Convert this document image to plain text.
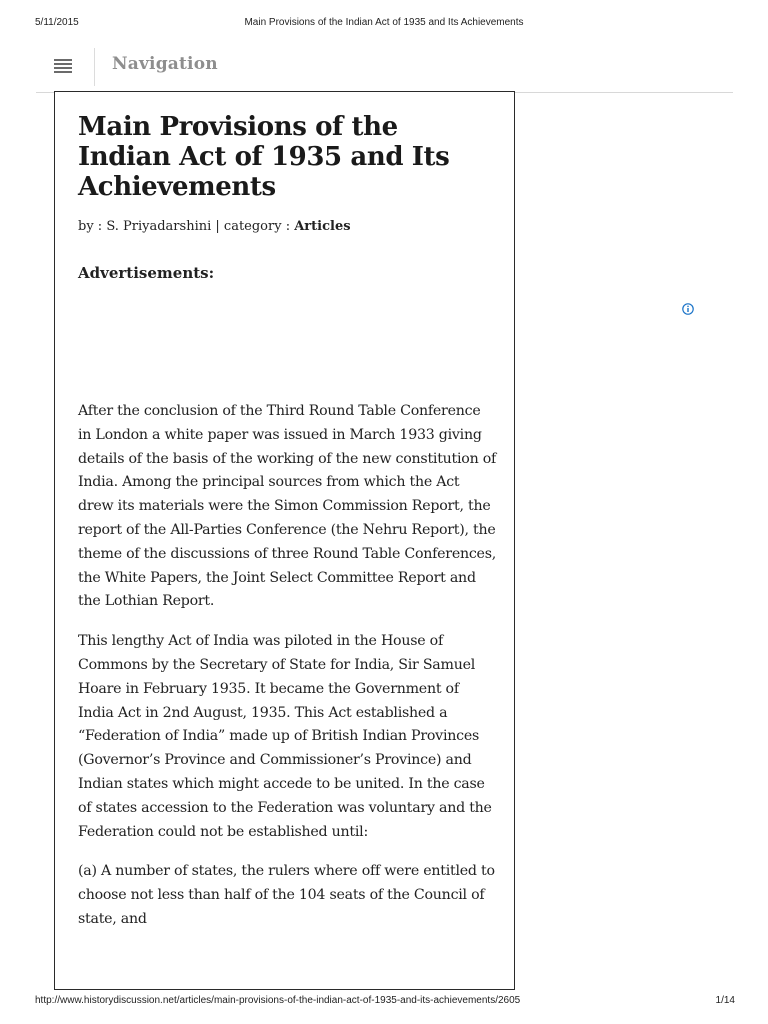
5/11/2015	Main Provisions of the Indian Act of 1935 and Its Achievements
Navigation
Main Provisions of the Indian Act of 1935 and Its Achievements
by : S. Priyadarshini | category : Articles
Advertisements:

After the conclusion of the Third Round Table Conference in London a white paper was issued in March 1933 giving details of the basis of the working of the new constitution of India. Among the principal sources from which the Act drew its materials were the Simon Commission Report, the report of the All-Parties Conference (the Nehru Report), the theme of the discussions of three Round Table Conferences, the White Papers, the Joint Select Committee Report and the Lothian Report.

This lengthy Act of India was piloted in the House of Commons by the Secretary of State for India, Sir Samuel Hoare in February 1935. It became the Government of India Act in 2nd August, 1935. This Act established a “Federation of India” made up of British Indian Provinces (Governor’s Province and Commissioner’s Province) and Indian states which might accede to be united. In the case of states accession to the Federation was voluntary and the Federation could not be established until:

(a) A number of states, the rulers where off were entitled to choose not less than half of the 104 seats of the Council of state, and

http://www.historydiscussion.net/articles/main-provisions-of-the-indian-act-of-1935-and-its-achievements/2605	1/14
